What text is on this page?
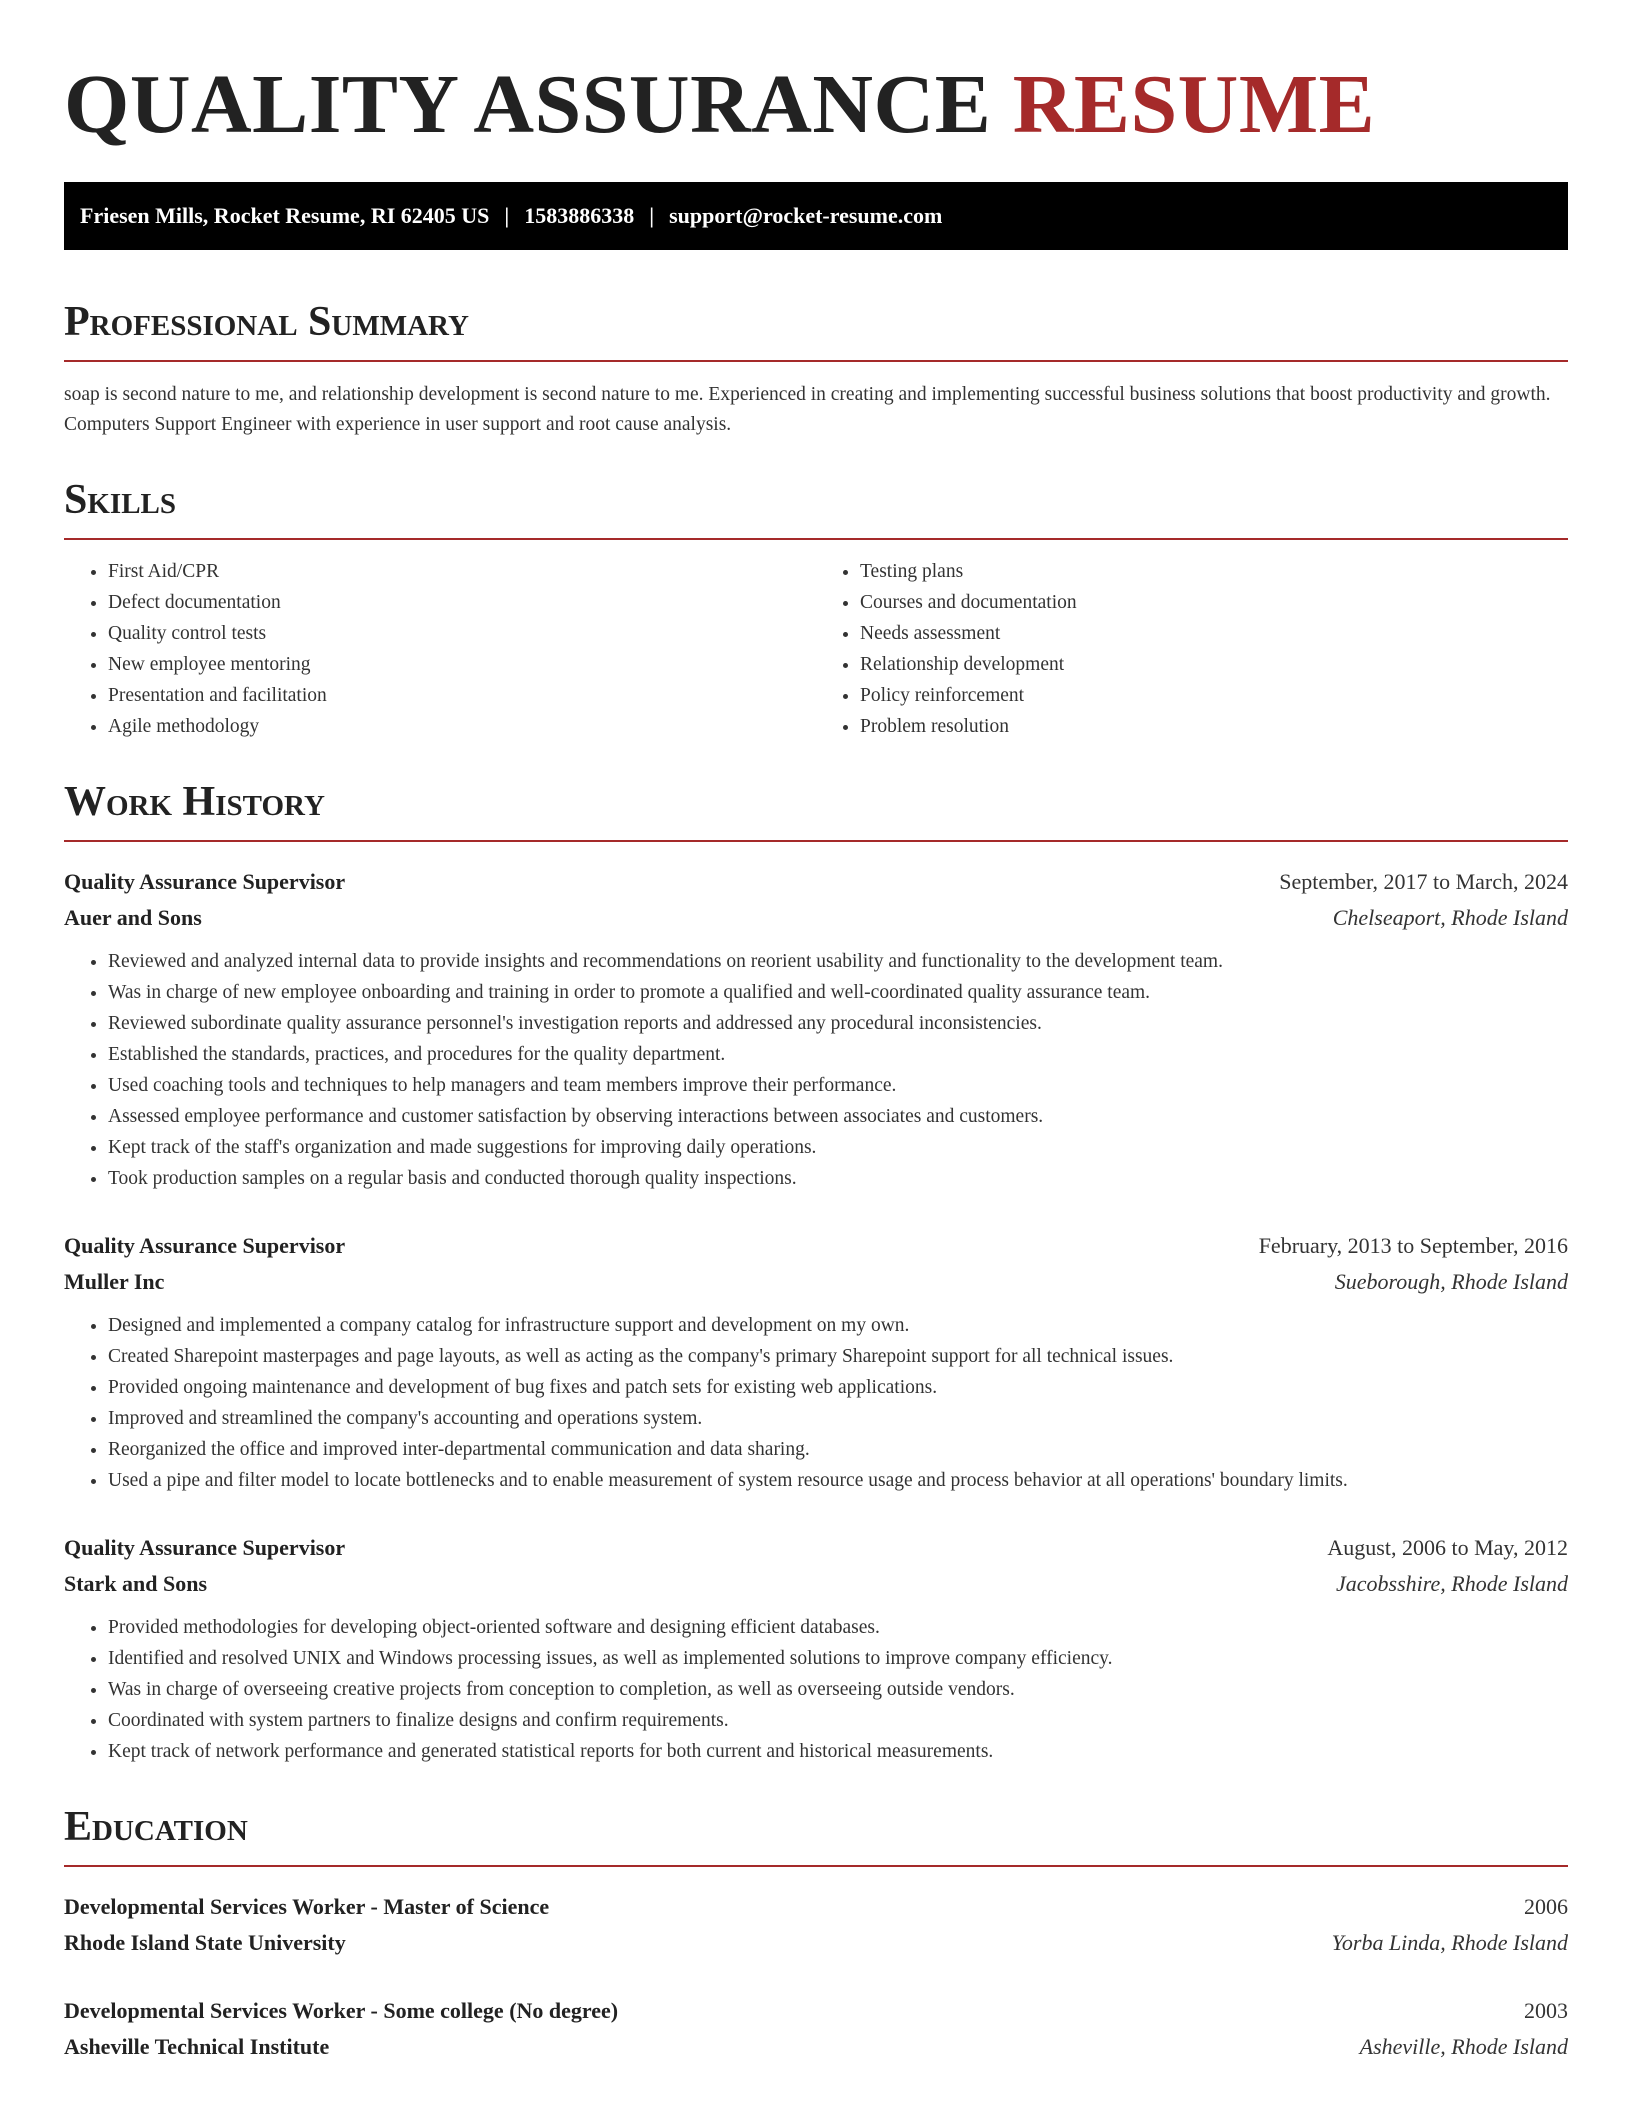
QUALITY ASSURANCE RESUME
Friesen Mills, Rocket Resume, RI 62405 US | 1583886338 | support@rocket-resume.com
Professional Summary

soap is second nature to me, and relationship development is second nature to me. Experienced in creating and implementing successful business solutions that boost productivity and growth. Computers Support Engineer with experience in user support and root cause analysis.

Skills
• First Aid/CPR
• Defect documentation
• Quality control tests
• New employee mentoring
• Presentation and facilitation
• Agile methodology
• Testing plans
• Courses and documentation
• Needs assessment
• Relationship development
• Policy reinforcement
• Problem resolution
Work History
Quality Assurance Supervisor	September, 2017 to March, 2024
Auer and Sons	Chelseaport, Rhode Island
• Reviewed and analyzed internal data to provide insights and recommendations on reorient usability and functionality to the development team.
• Was in charge of new employee onboarding and training in order to promote a qualified and well-coordinated quality assurance team.
• Reviewed subordinate quality assurance personnel's investigation reports and addressed any procedural inconsistencies.
• Established the standards, practices, and procedures for the quality department.
• Used coaching tools and techniques to help managers and team members improve their performance.
• Assessed employee performance and customer satisfaction by observing interactions between associates and customers.
• Kept track of the staff's organization and made suggestions for improving daily operations.
• Took production samples on a regular basis and conducted thorough quality inspections.
Quality Assurance Supervisor	February, 2013 to September, 2016
Muller Inc	Sueborough, Rhode Island
• Designed and implemented a company catalog for infrastructure support and development on my own.
• Created Sharepoint masterpages and page layouts, as well as acting as the company's primary Sharepoint support for all technical issues.
• Provided ongoing maintenance and development of bug fixes and patch sets for existing web applications.
• Improved and streamlined the company's accounting and operations system.
• Reorganized the office and improved inter-departmental communication and data sharing.
• Used a pipe and filter model to locate bottlenecks and to enable measurement of system resource usage and process behavior at all operations' boundary limits.
Quality Assurance Supervisor	August, 2006 to May, 2012
Stark and Sons	Jacobsshire, Rhode Island
• Provided methodologies for developing object-oriented software and designing efficient databases.
• Identified and resolved UNIX and Windows processing issues, as well as implemented solutions to improve company efficiency.
• Was in charge of overseeing creative projects from conception to completion, as well as overseeing outside vendors.
• Coordinated with system partners to finalize designs and confirm requirements.
• Kept track of network performance and generated statistical reports for both current and historical measurements.
Education
Developmental Services Worker - Master of Science	2006
Rhode Island State University	Yorba Linda, Rhode Island
Developmental Services Worker - Some college (No degree)	2003
Asheville Technical Institute	Asheville, Rhode Island
